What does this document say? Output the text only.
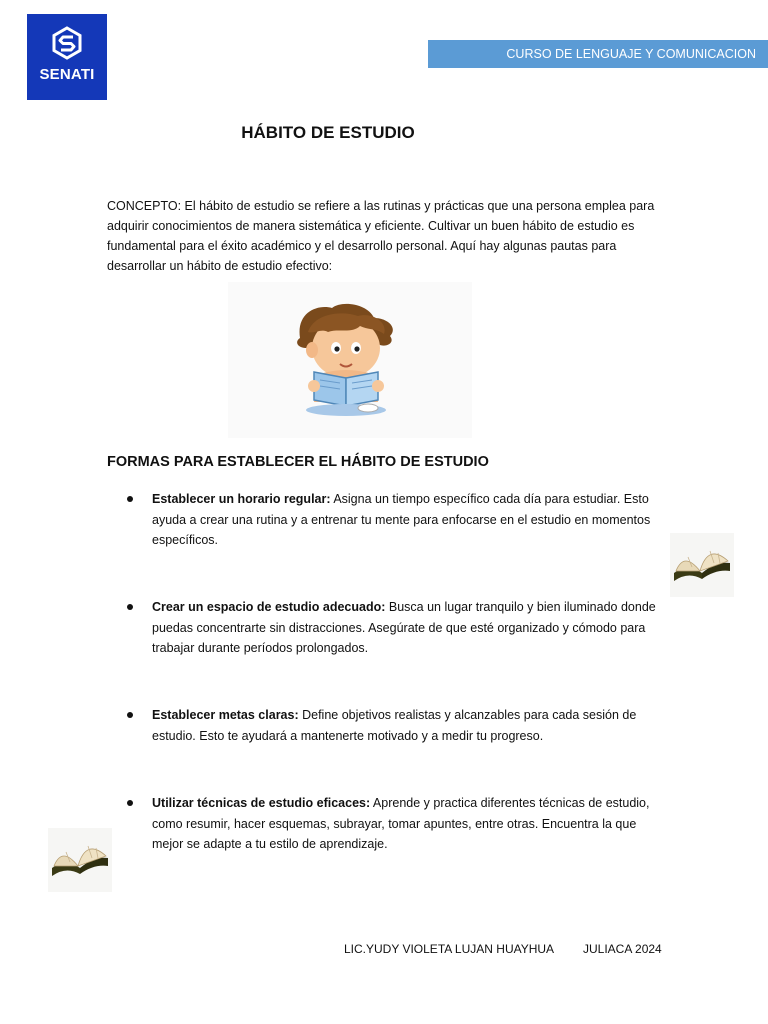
SENATI
CURSO DE LENGUAJE Y COMUNICACION
HÁBITO DE ESTUDIO

CONCEPTO: El hábito de estudio se refiere a las rutinas y prácticas que una persona emplea para adquirir conocimientos de manera sistemática y eficiente. Cultivar un buen hábito de estudio es fundamental para el éxito académico y el desarrollo personal. Aquí hay algunas pautas para desarrollar un hábito de estudio efectivo:

FORMAS PARA ESTABLECER EL HÁBITO DE ESTUDIO
Establecer un horario regular: Asigna un tiempo específico cada día para estudiar. Esto ayuda a crear una rutina y a entrenar tu mente para enfocarse en el estudio en momentos específicos.
Crear un espacio de estudio adecuado: Busca un lugar tranquilo y bien iluminado donde puedas concentrarte sin distracciones. Asegúrate de que esté organizado y cómodo para trabajar durante períodos prolongados.
Establecer metas claras: Define objetivos realistas y alcanzables para cada sesión de estudio. Esto te ayudará a mantenerte motivado y a medir tu progreso.
Utilizar técnicas de estudio eficaces: Aprende y practica diferentes técnicas de estudio, como resumir, hacer esquemas, subrayar, tomar apuntes, entre otras. Encuentra la que mejor se adapte a tu estilo de aprendizaje.
LIC.YUDY VIOLETA LUJAN HUAYHUA JULIACA 2024
